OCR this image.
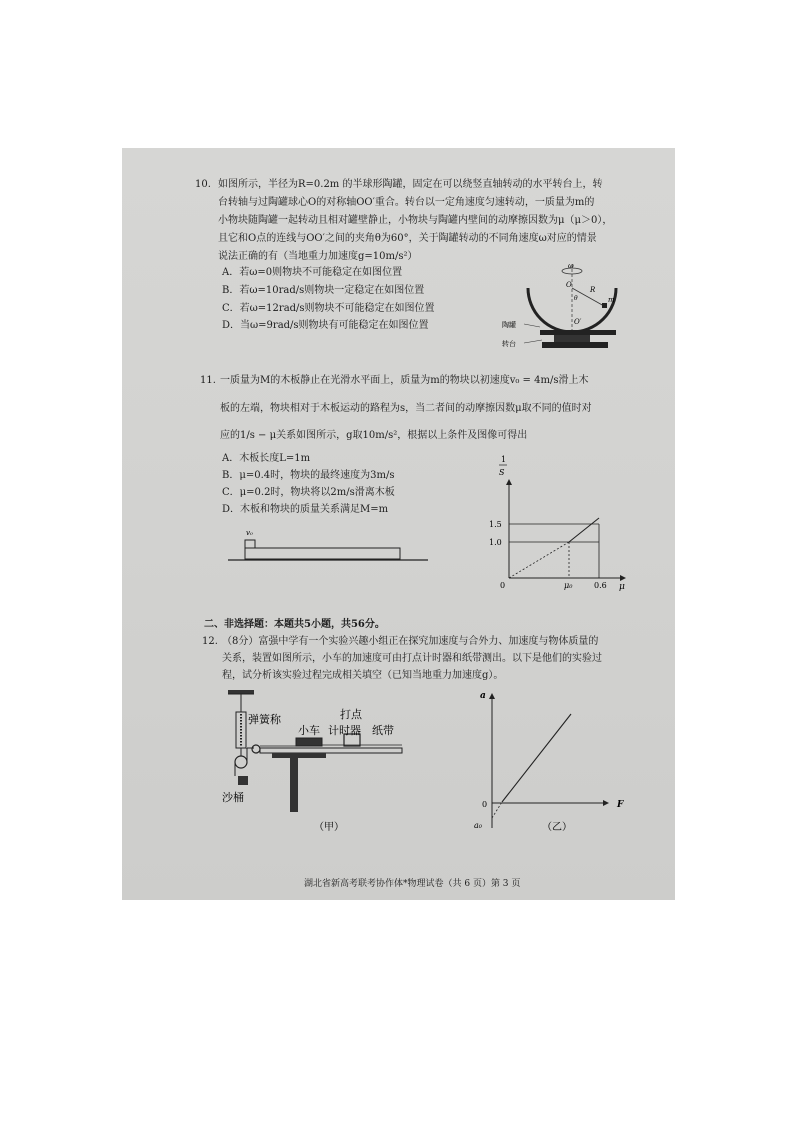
10. 如图所示，半径为R=0.2m 的半球形陶罐，固定在可以绕竖直轴转动的水平转台上，转
台转轴与过陶罐球心O的对称轴OO′重合。转台以一定角速度匀速转动，一质量为m的
小物块随陶罐一起转动且相对罐壁静止，小物块与陶罐内壁间的动摩擦因数为μ（μ＞0），
且它和O点的连线与OO′之间的夹角θ为60°，关于陶罐转动的不同角速度ω对应的情景
说法正确的有（当地重力加速度g=10m/s²）
A．若ω=0则物块不可能稳定在如图位置
B．若ω=10rad/s则物块一定稳定在如图位置
C．若ω=12rad/s则物块不可能稳定在如图位置
D．当ω=9rad/s则物块有可能稳定在如图位置
ω
O
R
θ	m
O′
陶罐
转台
11. 一质量为M的木板静止在光滑水平面上，质量为m的物块以初速度v₀ = 4m/s滑上木
板的左端，物块相对于木板运动的路程为s，当二者间的动摩擦因数μ取不同的值时对
应的1/s − μ关系如图所示，g取10m/s²，根据以上条件及图像可得出
A．木板长度L=1m
B．μ=0.4时，物块的最终速度为3m/s
C．μ=0.2时，物块将以2m/s滑离木板
D．木板和物块的质量关系满足M=m
v₀
1
S
μ
0
1.5
1.0
μ₀	0.6
二、非选择题：本题共5小题，共56分。
12. （8分）富强中学有一个实验兴趣小组正在探究加速度与合外力、加速度与物体质量的
关系，装置如图所示，小车的加速度可由打点计时器和纸带测出。以下是他们的实验过
程，试分析该实验过程完成相关填空（已知当地重力加速度g）。
弹簧称
沙桶
打点
小车 计时器 纸带
（甲）
a
F
0
a₀	（乙）
湖北省新高考联考协作体*物理试卷（共 6 页）第 3 页
